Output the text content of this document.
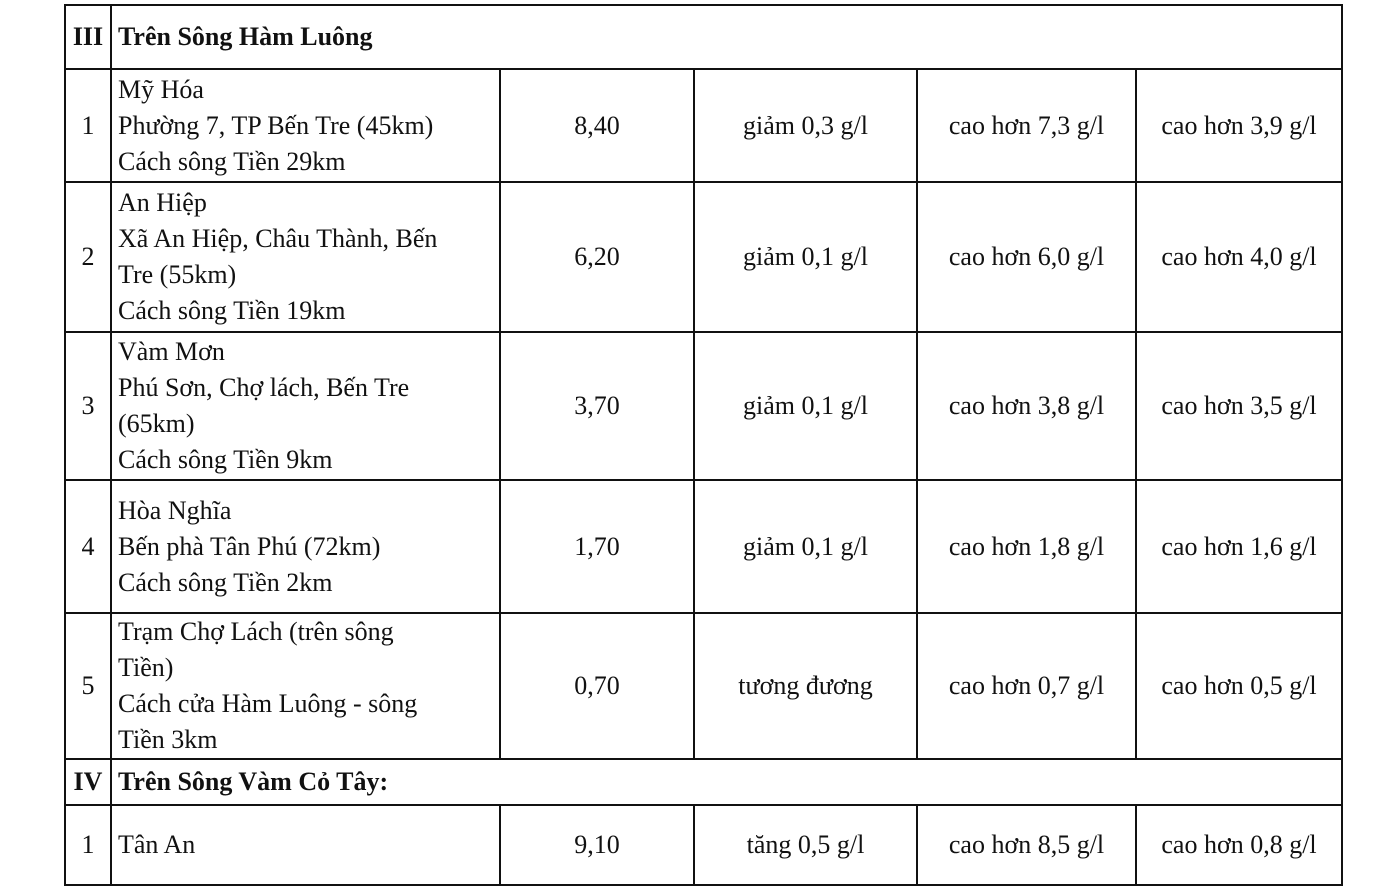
III	Trên Sông Hàm Luông				
1	Mỹ Hóa
Phường 7, TP Bến Tre (45km)
Cách sông Tiền 29km	8,40	giảm 0,3 g/l	cao hơn 7,3 g/l	cao hơn 3,9 g/l
2	An Hiệp
Xã An Hiệp, Châu Thành, Bến
Tre (55km)
Cách sông Tiền 19km	6,20	giảm 0,1 g/l	cao hơn 6,0 g/l	cao hơn 4,0 g/l
3	Vàm Mơn
Phú Sơn, Chợ lách, Bến Tre
(65km)
Cách sông Tiền 9km	3,70	giảm 0,1 g/l	cao hơn 3,8 g/l	cao hơn 3,5 g/l
4	Hòa Nghĩa
Bến phà Tân Phú (72km)
Cách sông Tiền 2km	1,70	giảm 0,1 g/l	cao hơn 1,8 g/l	cao hơn 1,6 g/l
5	Trạm Chợ Lách (trên sông
Tiền)
Cách cửa Hàm Luông - sông
Tiền 3km	0,70	tương đương	cao hơn 0,7 g/l	cao hơn 0,5 g/l
IV	Trên Sông Vàm Cỏ Tây:				
1	Tân An	9,10	tăng 0,5 g/l	cao hơn 8,5 g/l	cao hơn 0,8 g/l
